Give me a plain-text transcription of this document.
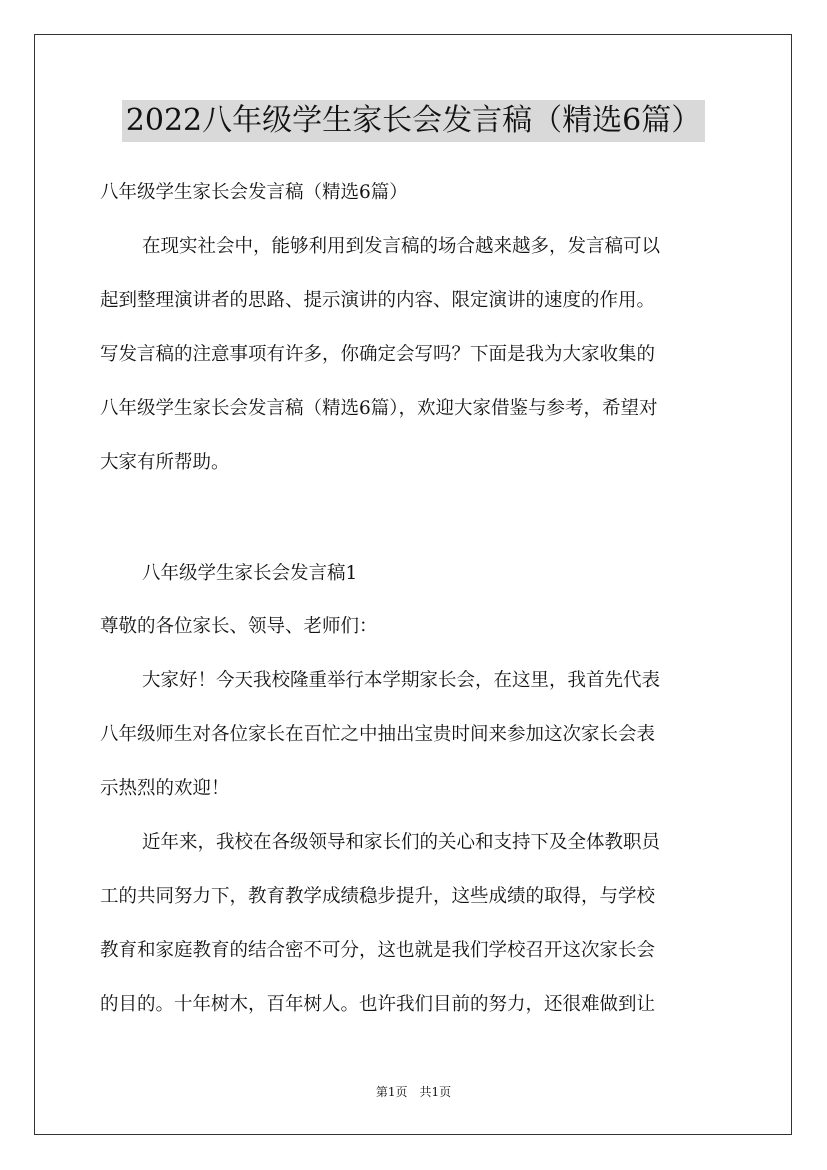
2022八年级学生家长会发言稿（精选6篇）
八年级学生家长会发言稿（精选6篇）
在现实社会中，能够利用到发言稿的场合越来越多，发言稿可以
起到整理演讲者的思路、提示演讲的内容、限定演讲的速度的作用。
写发言稿的注意事项有许多，你确定会写吗？下面是我为大家收集的
八年级学生家长会发言稿（精选6篇），欢迎大家借鉴与参考，希望对
大家有所帮助。
八年级学生家长会发言稿1
尊敬的各位家长、领导、老师们：
大家好！今天我校隆重举行本学期家长会，在这里，我首先代表
八年级师生对各位家长在百忙之中抽出宝贵时间来参加这次家长会表
示热烈的欢迎！
近年来，我校在各级领导和家长们的关心和支持下及全体教职员
工的共同努力下，教育教学成绩稳步提升，这些成绩的取得，与学校
教育和家庭教育的结合密不可分，这也就是我们学校召开这次家长会
的目的。十年树木，百年树人。也许我们目前的努力，还很难做到让
第1页　共1页
